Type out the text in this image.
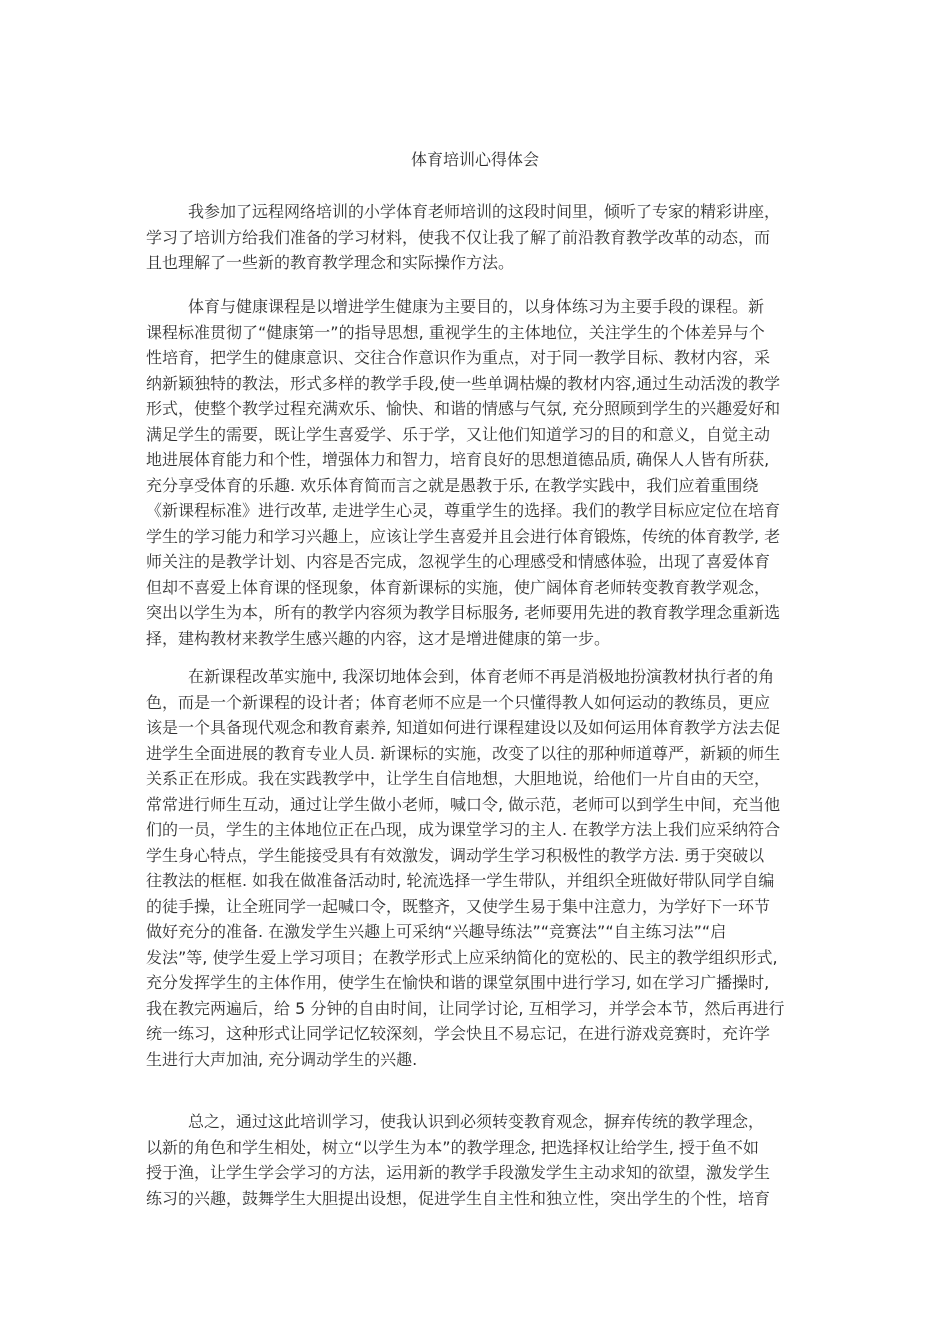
体育培训心得体会

我参加了远程网络培训的小学体育老师培训的这段时间里，倾听了专家的精彩讲座，
学习了培训方给我们准备的学习材料，使我不仅让我了解了前沿教育教学改革的动态，而
且也理解了一些新的教育教学理念和实际操作方法。

体育与健康课程是以增进学生健康为主要目的，以身体练习为主要手段的课程。新
课程标准贯彻了“健康第一”的指导思想, 重视学生的主体地位，关注学生的个体差异与个
性培育，把学生的健康意识、交往合作意识作为重点，对于同一教学目标、教材内容，采
纳新颖独特的教法，形式多样的教学手段,使一些单调枯燥的教材内容,通过生动活泼的教学
形式，使整个教学过程充满欢乐、愉快、和谐的情感与气氛, 充分照顾到学生的兴趣爱好和
满足学生的需要，既让学生喜爱学、乐于学，又让他们知道学习的目的和意义，自觉主动
地进展体育能力和个性，增强体力和智力，培育良好的思想道德品质, 确保人人皆有所获,
充分享受体育的乐趣. 欢乐体育简而言之就是愚教于乐, 在教学实践中，我们应着重围绕
《新课程标准》进行改革, 走进学生心灵，尊重学生的选择。我们的教学目标应定位在培育
学生的学习能力和学习兴趣上，应该让学生喜爱并且会进行体育锻炼，传统的体育教学, 老
师关注的是教学计划、内容是否完成，忽视学生的心理感受和情感体验，出现了喜爱体育
但却不喜爱上体育课的怪现象，体育新课标的实施，使广阔体育老师转变教育教学观念，
突出以学生为本，所有的教学内容须为教学目标服务, 老师要用先进的教育教学理念重新选
择，建构教材来教学生感兴趣的内容，这才是增进健康的第一步。

在新课程改革实施中, 我深切地体会到，体育老师不再是消极地扮演教材执行者的角
色，而是一个新课程的设计者；体育老师不应是一个只懂得教人如何运动的教练员，更应
该是一个具备现代观念和教育素养, 知道如何进行课程建设以及如何运用体育教学方法去促
进学生全面进展的教育专业人员. 新课标的实施，改变了以往的那种师道尊严，新颖的师生
关系正在形成。我在实践教学中，让学生自信地想，大胆地说，给他们一片自由的天空，
常常进行师生互动，通过让学生做小老师，喊口令, 做示范，老师可以到学生中间，充当他
们的一员，学生的主体地位正在凸现，成为课堂学习的主人. 在教学方法上我们应采纳符合
学生身心特点，学生能接受具有有效激发，调动学生学习积极性的教学方法. 勇于突破以
往教法的框框. 如我在做准备活动时, 轮流选择一学生带队，并组织全班做好带队同学自编
的徒手操，让全班同学一起喊口令，既整齐，又使学生易于集中注意力，为学好下一环节
做好充分的准备. 在激发学生兴趣上可采纳“兴趣导练法”“竞赛法”“自主练习法”“启
发法”等, 使学生爱上学习项目；在教学形式上应采纳简化的宽松的、民主的教学组织形式,
充分发挥学生的主体作用，使学生在愉快和谐的课堂氛围中进行学习, 如在学习广播操时,
我在教完两遍后，给 5 分钟的自由时间，让同学讨论, 互相学习，并学会本节，然后再进行
统一练习，这种形式让同学记忆较深刻，学会快且不易忘记，在进行游戏竞赛时，充许学
生进行大声加油, 充分调动学生的兴趣.

总之，通过这此培训学习，使我认识到必须转变教育观念，摒弃传统的教学理念，
以新的角色和学生相处，树立“以学生为本”的教学理念, 把选择权让给学生, 授于鱼不如
授于渔，让学生学会学习的方法，运用新的教学手段激发学生主动求知的欲望，激发学生
练习的兴趣，鼓舞学生大胆提出设想，促进学生自主性和独立性，突出学生的个性，培育
